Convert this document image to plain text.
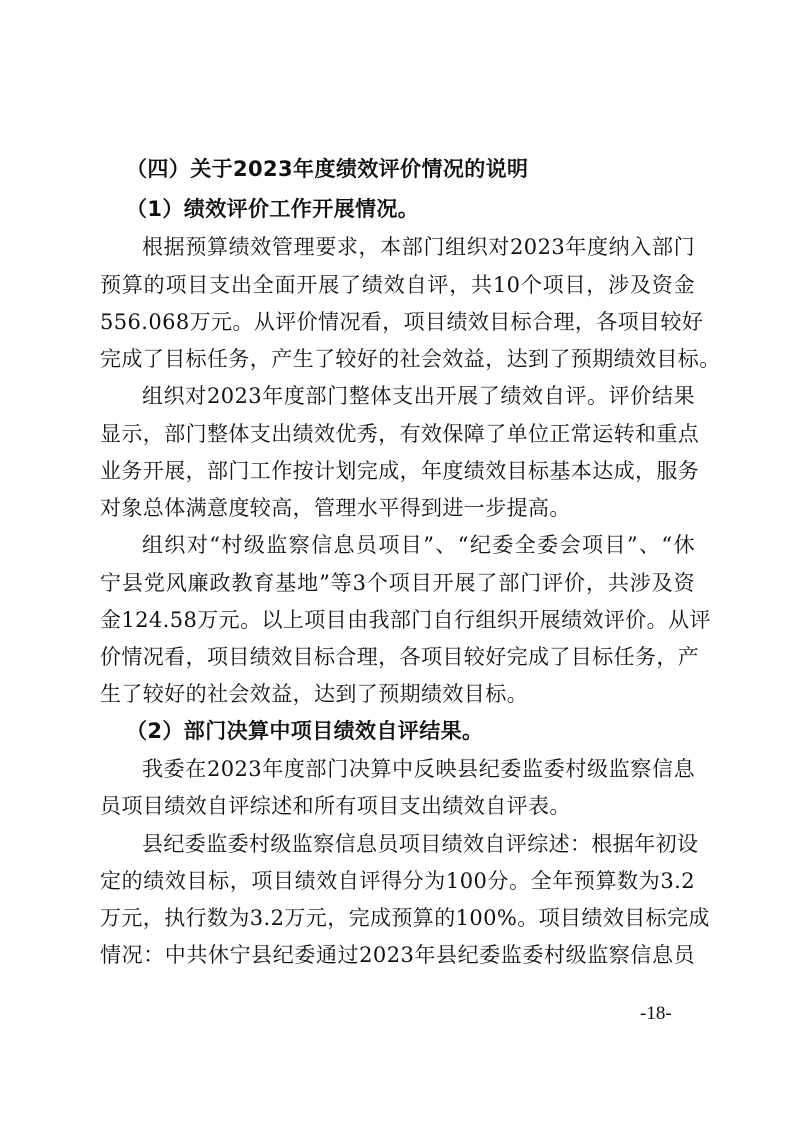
（四）关于2023年度绩效评价情况的说明
（1）绩效评价工作开展情况。
根据预算绩效管理要求，本部门组织对2023年度纳入部门
预算的项目支出全面开展了绩效自评，共10个项目，涉及资金
556.068万元。从评价情况看，项目绩效目标合理，各项目较好
完成了目标任务，产生了较好的社会效益，达到了预期绩效目标。
组织对2023年度部门整体支出开展了绩效自评。评价结果
显示，部门整体支出绩效优秀，有效保障了单位正常运转和重点
业务开展，部门工作按计划完成，年度绩效目标基本达成，服务
对象总体满意度较高，管理水平得到进一步提高。
组织对“村级监察信息员项目”、“纪委全委会项目”、“休
宁县党风廉政教育基地”等3个项目开展了部门评价，共涉及资
金124.58万元。以上项目由我部门自行组织开展绩效评价。从评
价情况看，项目绩效目标合理，各项目较好完成了目标任务，产
生了较好的社会效益，达到了预期绩效目标。
（2）部门决算中项目绩效自评结果。
我委在2023年度部门决算中反映县纪委监委村级监察信息
员项目绩效自评综述和所有项目支出绩效自评表。
县纪委监委村级监察信息员项目绩效自评综述：根据年初设
定的绩效目标，项目绩效自评得分为100分。全年预算数为3.2
万元，执行数为3.2万元，完成预算的100%。项目绩效目标完成
情况：中共休宁县纪委通过2023年县纪委监委村级监察信息员
-18-
